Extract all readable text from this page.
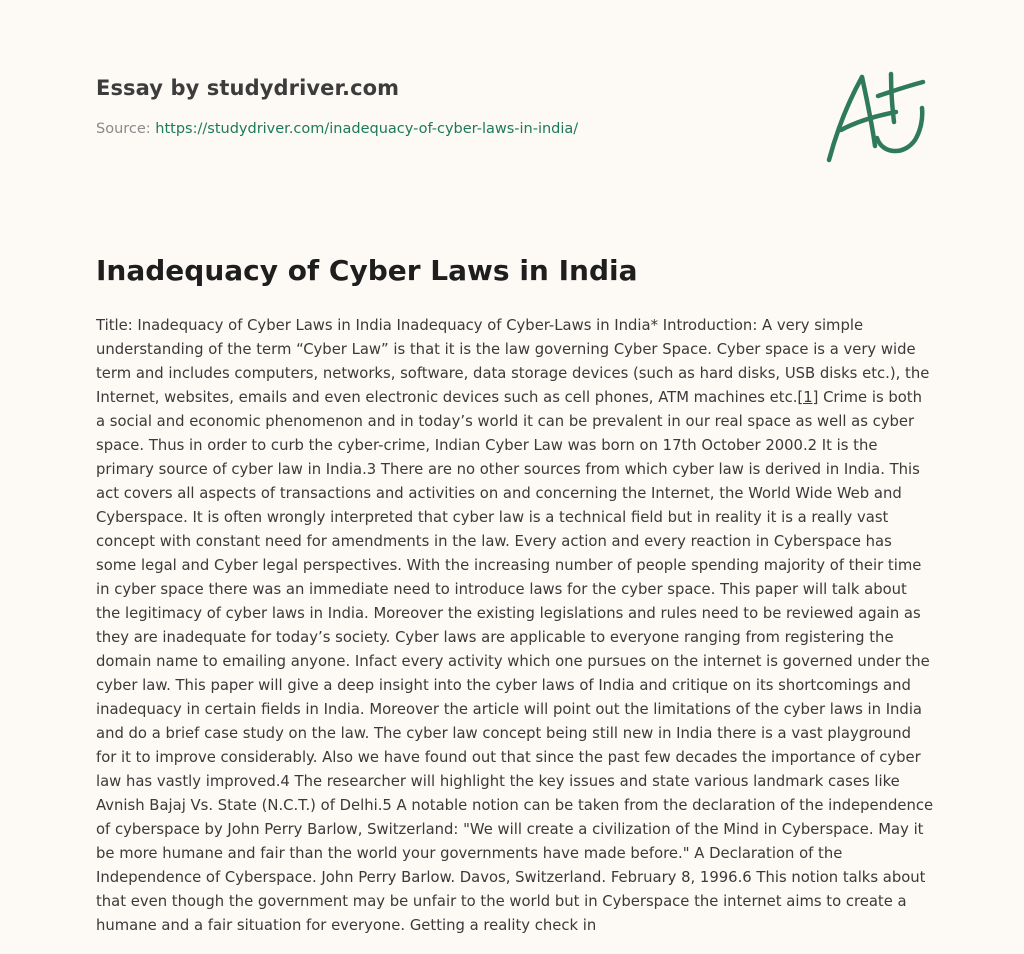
Essay by studydriver.com
Source: https://studydriver.com/inadequacy-of-cyber-laws-in-india/
Inadequacy of Cyber Laws in India

Title: Inadequacy of Cyber Laws in India Inadequacy of Cyber-Laws in India* Introduction: A very simple understanding of the term “Cyber Law” is that it is the law governing Cyber Space. Cyber space is a very wide term and includes computers, networks, software, data storage devices (such as hard disks, USB disks etc.), the Internet, websites, emails and even electronic devices such as cell phones, ATM machines etc.[1] Crime is both a social and economic phenomenon and in today’s world it can be prevalent in our real space as well as cyber space. Thus in order to curb the cyber-crime, Indian Cyber Law was born on 17th October 2000.2 It is the primary source of cyber law in India.3 There are no other sources from which cyber law is derived in India. This act covers all aspects of transactions and activities on and concerning the Internet, the World Wide Web and Cyberspace. It is often wrongly interpreted that cyber law is a technical field but in reality it is a really vast concept with constant need for amendments in the law. Every action and every reaction in Cyberspace has some legal and Cyber legal perspectives. With the increasing number of people spending majority of their time in cyber space there was an immediate need to introduce laws for the cyber space. This paper will talk about the legitimacy of cyber laws in India. Moreover the existing legislations and rules need to be reviewed again as they are inadequate for today’s society. Cyber laws are applicable to everyone ranging from registering the domain name to emailing anyone. Infact every activity which one pursues on the internet is governed under the cyber law. This paper will give a deep insight into the cyber laws of India and critique on its shortcomings and inadequacy in certain fields in India. Moreover the article will point out the limitations of the cyber laws in India and do a brief case study on the law. The cyber law concept being still new in India there is a vast playground for it to improve considerably. Also we have found out that since the past few decades the importance of cyber law has vastly improved.4 The researcher will highlight the key issues and state various landmark cases like Avnish Bajaj Vs. State (N.C.T.) of Delhi.5 A notable notion can be taken from the declaration of the independence of cyberspace by John Perry Barlow, Switzerland: "We will create a civilization of the Mind in Cyberspace. May it be more humane and fair than the world your governments have made before." A Declaration of the Independence of Cyberspace. John Perry Barlow. Davos, Switzerland. February 8, 1996.6 This notion talks about that even though the government may be unfair to the world but in Cyberspace the internet aims to create a humane and a fair situation for everyone. Getting a reality check in
